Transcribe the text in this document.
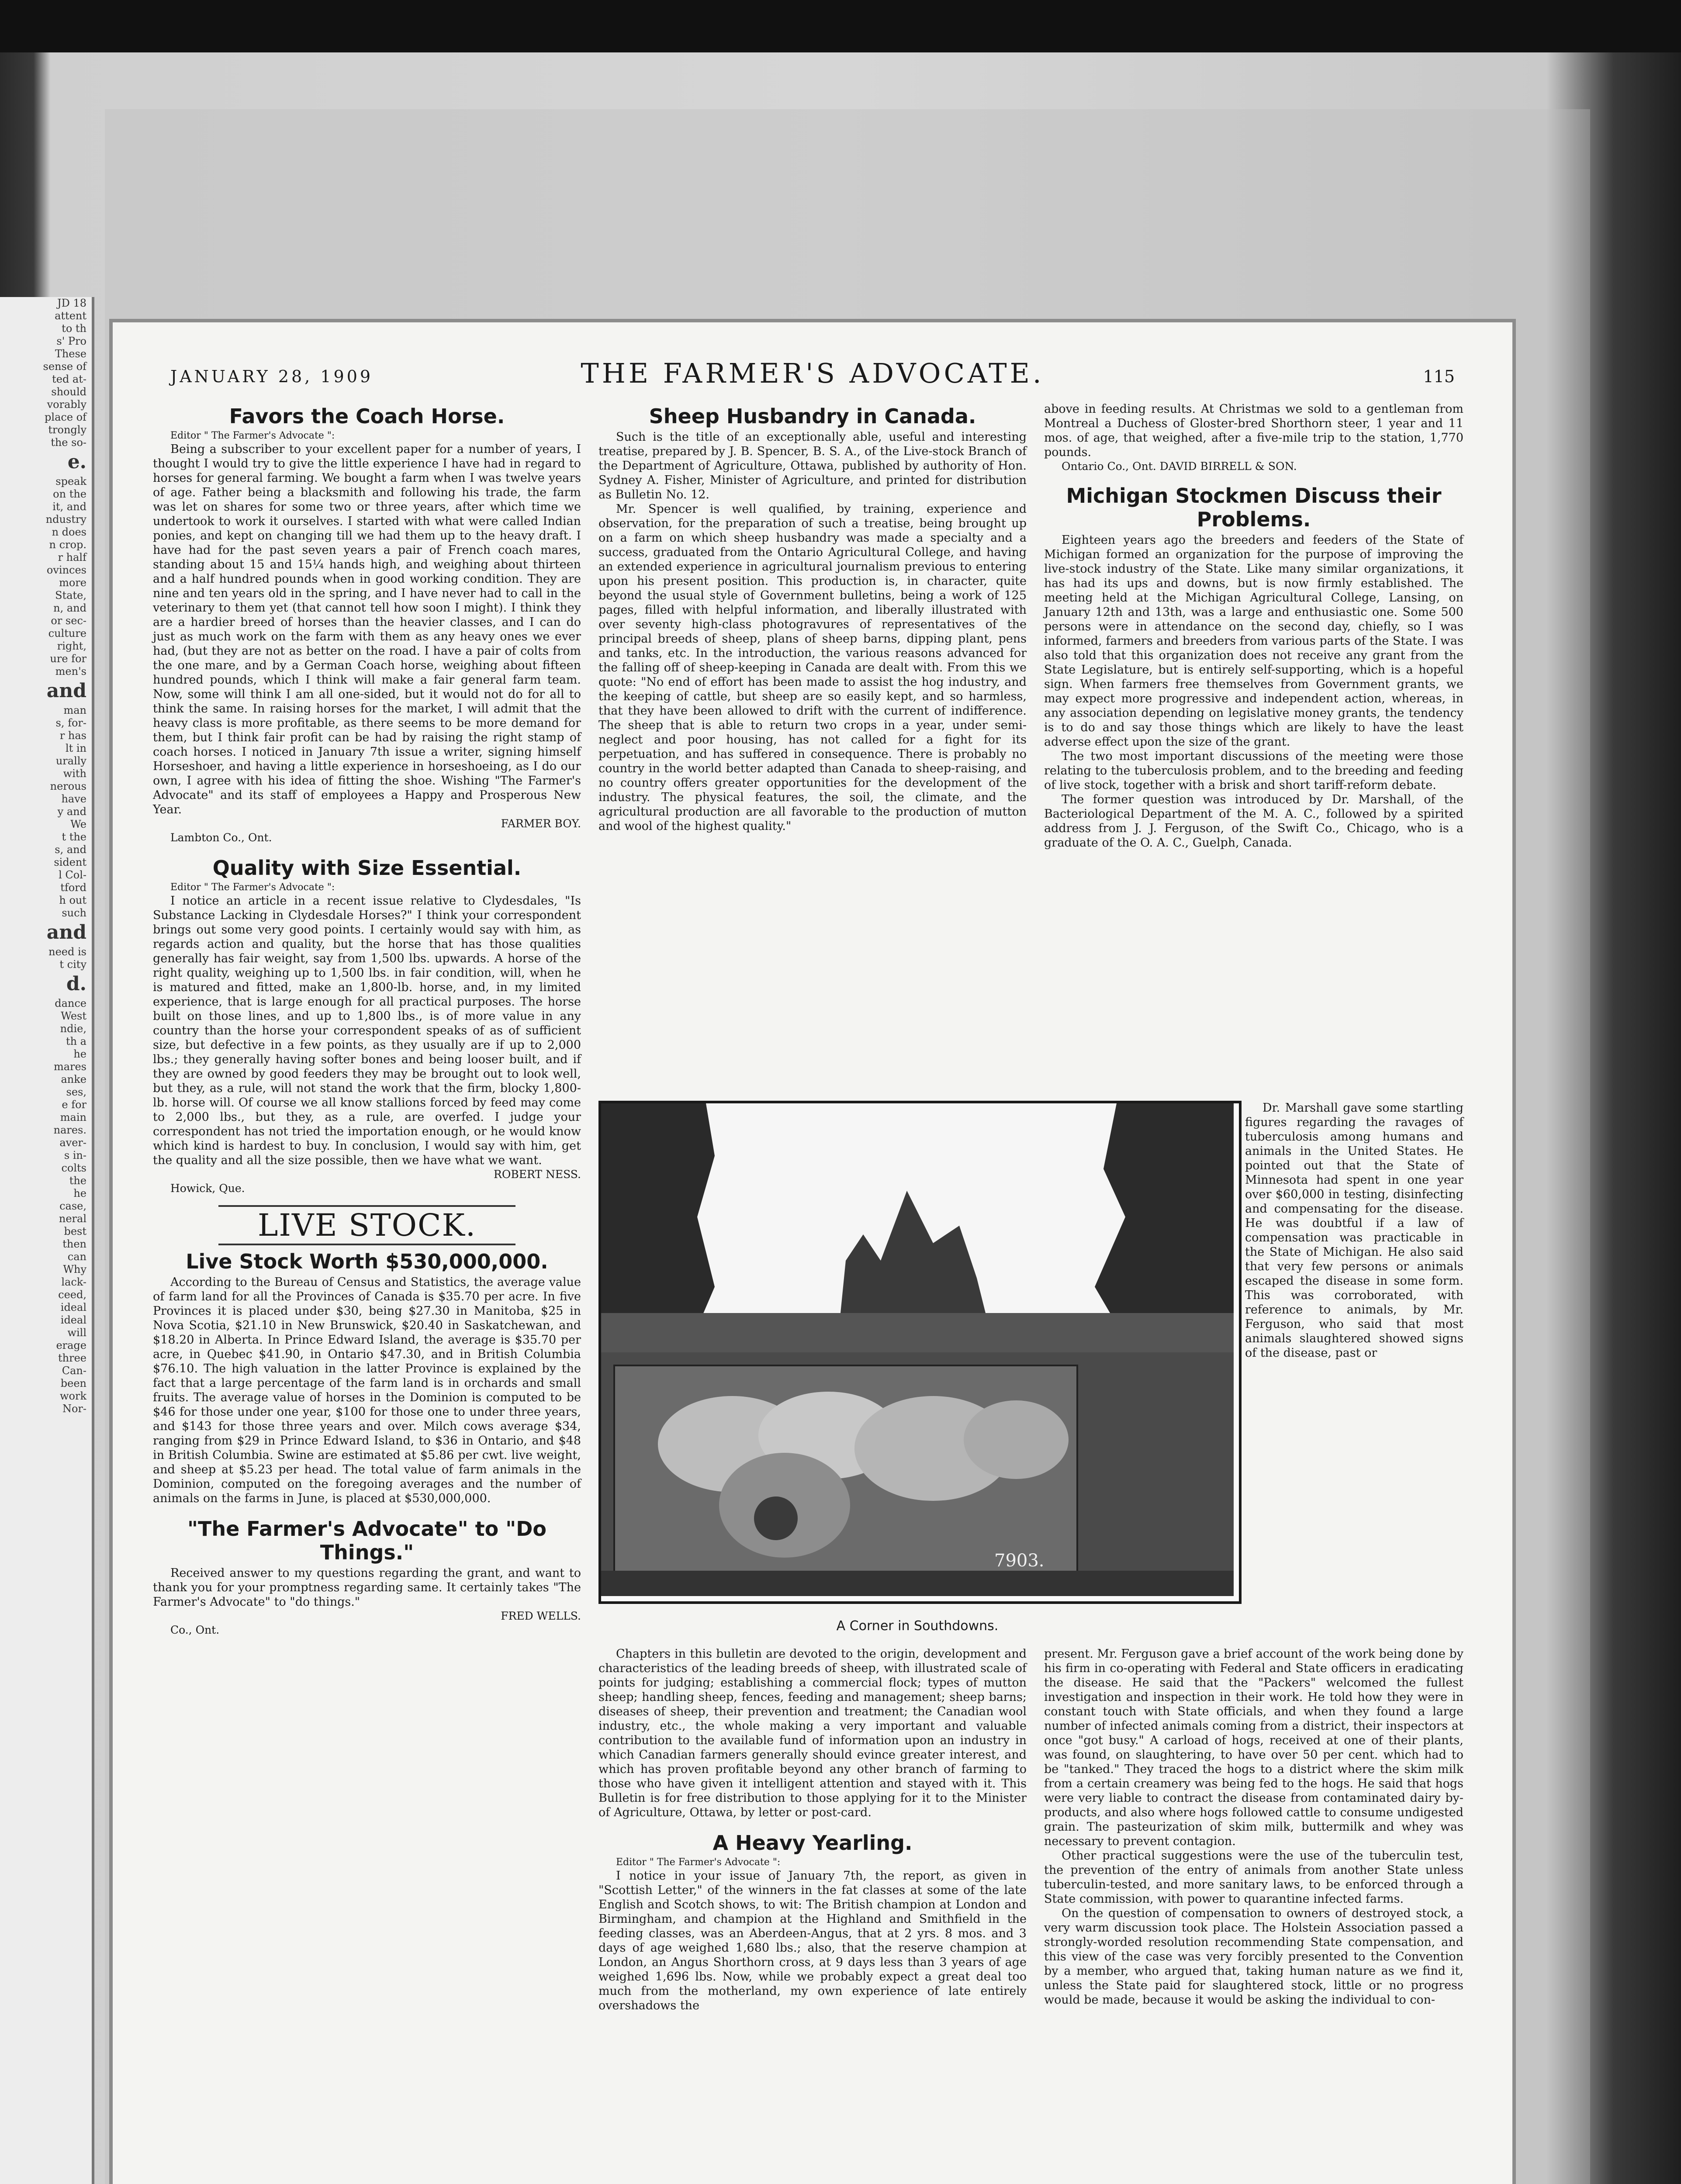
JD 18
attent
to th
s' Pro
These
sense of
ted at-
should
vorably
place of
trongly
the so-
e.
speak
on the
it, and
ndustry
n does
n crop.
r half
ovinces
more
State,
n, and
or sec-
culture
right,
ure for
men's
and
man
s, for-
r has
lt in
urally
with
nerous
have
y and
We
t the
s, and
sident
l Col-
tford
h out
such
and
need is
t city
d.
dance
West
ndie,
th a
he
mares
anke
ses,
e for
main
nares.
aver-
s in-
colts
the
he
case,
neral
best
then
can
Why
lack-
ceed,
ideal
ideal
will
erage
three
Can-
been
work
Nor-
JANUARY 28, 1909	THE FARMER'S ADVOCATE.	115
Favors the Coach Horse.
Editor " The Farmer's Advocate ":

Being a subscriber to your excellent paper for a number of years, I thought I would try to give the little experience I have had in regard to horses for general farming. We bought a farm when I was twelve years of age. Father being a blacksmith and following his trade, the farm was let on shares for some two or three years, after which time we undertook to work it ourselves. I started with what were called Indian ponies, and kept on changing till we had them up to the heavy draft. I have had for the past seven years a pair of French coach mares, standing about 15 and 15¼ hands high, and weighing about thirteen and a half hundred pounds when in good working condition. They are nine and ten years old in the spring, and I have never had to call in the veterinary to them yet (that cannot tell how soon I might). I think they are a hardier breed of horses than the heavier classes, and I can do just as much work on the farm with them as any heavy ones we ever had, (but they are not as better on the road. I have a pair of colts from the one mare, and by a German Coach horse, weighing about fifteen hundred pounds, which I think will make a fair general farm team. Now, some will think I am all one-sided, but it would not do for all to think the same. In raising horses for the market, I will admit that the heavy class is more profitable, as there seems to be more demand for them, but I think fair profit can be had by raising the right stamp of coach horses. I noticed in January 7th issue a writer, signing himself Horseshoer, and having a little experience in horseshoeing, as I do our own, I agree with his idea of fitting the shoe. Wishing "The Farmer's Advocate" and its staff of employees a Happy and Prosperous New Year.

FARMER BOY.
Lambton Co., Ont.
Quality with Size Essential.
Editor " The Farmer's Advocate ":

I notice an article in a recent issue relative to Clydesdales, "Is Substance Lacking in Clydesdale Horses?" I think your correspondent brings out some very good points. I certainly would say with him, as regards action and quality, but the horse that has those qualities generally has fair weight, say from 1,500 lbs. upwards. A horse of the right quality, weighing up to 1,500 lbs. in fair condition, will, when he is matured and fitted, make an 1,800-lb. horse, and, in my limited experience, that is large enough for all practical purposes. The horse built on those lines, and up to 1,800 lbs., is of more value in any country than the horse your correspondent speaks of as of sufficient size, but defective in a few points, as they usually are if up to 2,000 lbs.; they generally having softer bones and being looser built, and if they are owned by good feeders they may be brought out to look well, but they, as a rule, will not stand the work that the firm, blocky 1,800-lb. horse will. Of course we all know stallions forced by feed may come to 2,000 lbs., but they, as a rule, are overfed. I judge your correspondent has not tried the importation enough, or he would know which kind is hardest to buy. In conclusion, I would say with him, get the quality and all the size possible, then we have what we want.

ROBERT NESS.
Howick, Que.
LIVE STOCK.
Live Stock Worth $530,000,000.

According to the Bureau of Census and Statistics, the average value of farm land for all the Provinces of Canada is $35.70 per acre. In five Provinces it is placed under $30, being $27.30 in Manitoba, $25 in Nova Scotia, $21.10 in New Brunswick, $20.40 in Saskatchewan, and $18.20 in Alberta. In Prince Edward Island, the average is $35.70 per acre, in Quebec $41.90, in Ontario $47.30, and in British Columbia $76.10. The high valuation in the latter Province is explained by the fact that a large percentage of the farm land is in orchards and small fruits. The average value of horses in the Dominion is computed to be $46 for those under one year, $100 for those one to under three years, and $143 for those three years and over. Milch cows average $34, ranging from $29 in Prince Edward Island, to $36 in Ontario, and $48 in British Columbia. Swine are estimated at $5.86 per cwt. live weight, and sheep at $5.23 per head. The total value of farm animals in the Dominion, computed on the foregoing averages and the number of animals on the farms in June, is placed at $530,000,000.

"The Farmer's Advocate" to "Do Things."

Received answer to my questions regarding the grant, and want to thank you for your promptness regarding same. It certainly takes "The Farmer's Advocate" to "do things."

FRED WELLS.
Co., Ont.
Sheep Husbandry in Canada.

Such is the title of an exceptionally able, useful and interesting treatise, prepared by J. B. Spencer, B. S. A., of the Live-stock Branch of the Department of Agriculture, Ottawa, published by authority of Hon. Sydney A. Fisher, Minister of Agriculture, and printed for distribution as Bulletin No. 12.

Mr. Spencer is well qualified, by training, experience and observation, for the preparation of such a treatise, being brought up on a farm on which sheep husbandry was made a specialty and a success, graduated from the Ontario Agricultural College, and having an extended experience in agricultural journalism previous to entering upon his present position. This production is, in character, quite beyond the usual style of Government bulletins, being a work of 125 pages, filled with helpful information, and liberally illustrated with over seventy high-class photogravures of representatives of the principal breeds of sheep, plans of sheep barns, dipping plant, pens and tanks, etc. In the introduction, the various reasons advanced for the falling off of sheep-keeping in Canada are dealt with. From this we quote: "No end of effort has been made to assist the hog industry, and the keeping of cattle, but sheep are so easily kept, and so harmless, that they have been allowed to drift with the current of indifference. The sheep that is able to return two crops in a year, under semi-neglect and poor housing, has not called for a fight for its perpetuation, and has suffered in consequence. There is probably no country in the world better adapted than Canada to sheep-raising, and no country offers greater opportunities for the development of the industry. The physical features, the soil, the climate, and the agricultural production are all favorable to the production of mutton and wool of the highest quality."

above in feeding results. At Christmas we sold to a gentleman from Montreal a Duchess of Gloster-bred Shorthorn steer, 1 year and 11 mos. of age, that weighed, after a five-mile trip to the station, 1,770 pounds.

Ontario Co., Ont. DAVID BIRRELL & SON.
Michigan Stockmen Discuss their Problems.

Eighteen years ago the breeders and feeders of the State of Michigan formed an organization for the purpose of improving the live-stock industry of the State. Like many similar organizations, it has had its ups and downs, but is now firmly established. The meeting held at the Michigan Agricultural College, Lansing, on January 12th and 13th, was a large and enthusiastic one. Some 500 persons were in attendance on the second day, chiefly, so I was informed, farmers and breeders from various parts of the State. I was also told that this organization does not receive any grant from the State Legislature, but is entirely self-supporting, which is a hopeful sign. When farmers free themselves from Government grants, we may expect more progressive and independent action, whereas, in any association depending on legislative money grants, the tendency is to do and say those things which are likely to have the least adverse effect upon the size of the grant.

The two most important discussions of the meeting were those relating to the tuberculosis problem, and to the breeding and feeding of live stock, together with a brisk and short tariff-reform debate.

The former question was introduced by Dr. Marshall, of the Bacteriological Department of the M. A. C., followed by a spirited address from J. J. Ferguson, of the Swift Co., Chicago, who is a graduate of the O. A. C., Guelph, Canada.

7903.
A Corner in Southdowns.

Dr. Marshall gave some startling figures regarding the ravages of tuberculosis among humans and animals in the United States. He pointed out that the State of Minnesota had spent in one year over $60,000 in testing, disinfecting and compensating for the disease. He was doubtful if a law of compensation was practicable in the State of Michigan. He also said that very few persons or animals escaped the disease in some form. This was corroborated, with reference to animals, by Mr. Ferguson, who said that most animals slaughtered showed signs of the disease, past or

Chapters in this bulletin are devoted to the origin, development and characteristics of the leading breeds of sheep, with illustrated scale of points for judging; establishing a commercial flock; types of mutton sheep; handling sheep, fences, feeding and management; sheep barns; diseases of sheep, their prevention and treatment; the Canadian wool industry, etc., the whole making a very important and valuable contribution to the available fund of information upon an industry in which Canadian farmers generally should evince greater interest, and which has proven profitable beyond any other branch of farming to those who have given it intelligent attention and stayed with it. This Bulletin is for free distribution to those applying for it to the Minister of Agriculture, Ottawa, by letter or post-card.

A Heavy Yearling.
Editor " The Farmer's Advocate ":

I notice in your issue of January 7th, the report, as given in "Scottish Letter," of the winners in the fat classes at some of the late English and Scotch shows, to wit: The British champion at London and Birmingham, and champion at the Highland and Smithfield in the feeding classes, was an Aberdeen-Angus, that at 2 yrs. 8 mos. and 3 days of age weighed 1,680 lbs.; also, that the reserve champion at London, an Angus Shorthorn cross, at 9 days less than 3 years of age weighed 1,696 lbs. Now, while we probably expect a great deal too much from the motherland, my own experience of late entirely overshadows the

present. Mr. Ferguson gave a brief account of the work being done by his firm in co-operating with Federal and State officers in eradicating the disease. He said that the "Packers" welcomed the fullest investigation and inspection in their work. He told how they were in constant touch with State officials, and when they found a large number of infected animals coming from a district, their inspectors at once "got busy." A carload of hogs, received at one of their plants, was found, on slaughtering, to have over 50 per cent. which had to be "tanked." They traced the hogs to a district where the skim milk from a certain creamery was being fed to the hogs. He said that hogs were very liable to contract the disease from contaminated dairy by-products, and also where hogs followed cattle to consume undigested grain. The pasteurization of skim milk, buttermilk and whey was necessary to prevent contagion.

Other practical suggestions were the use of the tuberculin test, the prevention of the entry of animals from another State unless tuberculin-tested, and more sanitary laws, to be enforced through a State commission, with power to quarantine infected farms.

On the question of compensation to owners of destroyed stock, a very warm discussion took place. The Holstein Association passed a strongly-worded resolution recommending State compensation, and this view of the case was very forcibly presented to the Convention by a member, who argued that, taking human nature as we find it, unless the State paid for slaughtered stock, little or no progress would be made, because it would be asking the individual to con-
